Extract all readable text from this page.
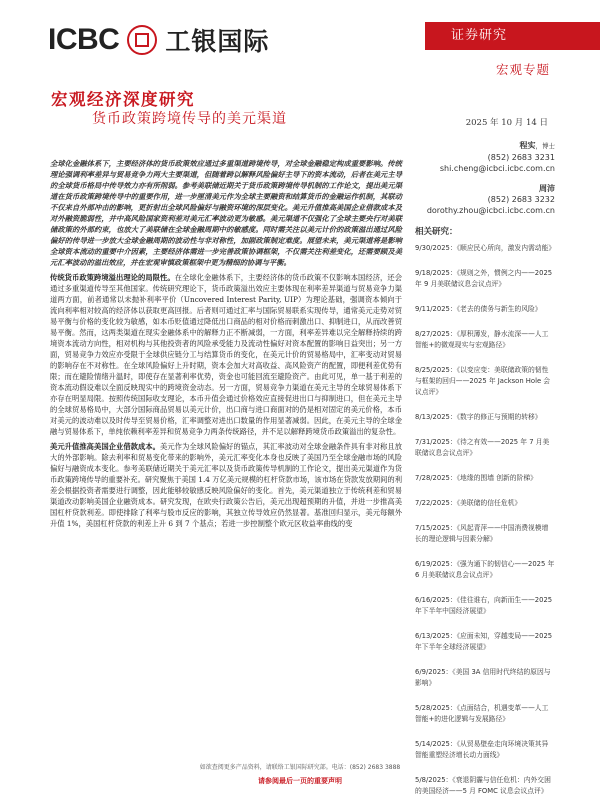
ICBC 工银国际	证券研究
宏观专题
宏观经济深度研究
货币政策跨境传导的美元渠道	2025 年 10 月 14 日
程实，博士
(852) 2683 3231
shi.cheng@icbci.icbc.com.cn
周沛
(852) 2683 3232
dorothy.zhou@icbci.icbc.com.cn
相关研究：
9/30/2025：《顺应民心所向，激发内需动能》
9/18/2025：《规则之外，惯例之内——2025 年 9 月美联储议息会议点评》
9/11/2025：《老去的债务与新生的风险》
8/27/2025：《厚积薄发，静水流深——人工智能+的微观现实与宏观路径》
8/25/2025：《以变应变：美联储政策的韧性与框架的回归——2025 年 Jackson Hole 会议点评》
8/13/2025：《数字的修正与预期的转移》
7/31/2025：《待之有效——2025 年 7 月美联储议息会议点评》
7/28/2025：《地缘的围墙 创新的阶梯》
7/22/2025：《美联储的信任危机》
7/15/2025：《风起青萍——中国消费视模增长的理论逻辑与因素分解》
6/19/2025：《强为通下的韧信心——2025 年 6 月美联储议息会议点评》
6/16/2025：《佳往谁右，向新而生——2025 年下半年中国经济展望》
6/13/2025：《应面未知，穿越变局——2025 年下半年全球经济展望》
6/9/2025：《美国 3A 信用时代终结的原因与影响》
5/28/2025：《点面结合，机遇变革——人工智能+的进化逻辑与发展路径》
5/14/2025：《从贸易壁垒走向环境决策其异智能重塑经济增长动力面线》
5/8/2025：《衰退阴霾与信任危机：内外交困的美国经济——5 月 FOMC 议息会议点评》

全球化金融体系下，主要经济体的货币政策效应通过多重渠道跨境传导，对全球金融稳定构成重要影响。传统理论强调利率差异与贸易竞争力两大主要渠道，但随着跨以解释风险偏好主导下的资本流动，后者在美元主导的全球货币格局中传导效力亦有所削弱。参考美联储近期关于货币政策跨境传导机制的工作论文，提出美元渠道在货币政策跨境传导中的重要作用，进一步厘清美元作为全球主要融资和结算货币的金融运作机制，其联动不仅来自外部冲击的影响，更折射出全球风险偏好与融资环境的深层变化。美元升值推高美国企业借款成本及对外融资脆弱性，并中高风险国家资利差对美元汇率波动更为敏感。美元渠道不仅强化了全球主要央行对美联储政策的外部约束，也放大了美联储在全球金融周期中的敏感度。同时需关注以美元计价的政策溢出通过风险偏好的传导进一步放大全球金融周期的波动性与非对称性，加剧政策制定难度。展望未来，美元渠道将是影响全球资本流动的重要中介因素，主要经济体需进一步完善政策协调框架，不仅需关注利差变化，还需要顾及美元汇率波动的溢出效应，并在宏观审慎政策框架中更为精细的协调与平衡。

传统货币政策跨境溢出理论的局限性。在全球化金融体系下，主要经济体的货币政策不仅影响本国经济，还会通过多重渠道传导至其他国家。传统研究理论下，货币政策溢出效应主要体现在利率差异渠道与贸易竞争力渠道两方面，前者通常以未抛补利率平价（Uncovered Interest Parity, UIP）为理论基础，强调资本倾向于流向利率相对较高的经济体以获取更高回报。后者则可通过汇率与国际贸易联系实现传导，通常美元走势对贸易平衡与价格的变化较为敏感，如本币贬值通过降低出口商品的相对价格而刺激出口、抑制进口，从而改善贸易平衡。然而，这两类渠道在现实金融体系中的解释力正不断减弱，一方面，利率差异难以完全解释持续的跨境资本流动方向性，相对机构与其他投资者的风险承受能力及流动性偏好对资本配置的影响日益突出；另一方面，贸易竞争力效应亦受限于全球供应链分工与结算货币的变化，在美元计价的贸易格局中，汇率变动对贸易的影响存在不对称性。在全球风险偏好上升时期，资本会加大对高收益、高风险资产的配置，即便利差优势有限；而在避险情绪升温时，即使存在显著利率优势，资金也可能回流至避险资产。由此可见，单一基于利差的资本流动假设难以全面反映现实中的跨境资金动态。另一方面，贸易竞争力渠道在美元主导的全球贸易体系下亦存在明显局限。按照传统国际收支理论，本币升值会通过价格效应直接促进出口与抑制进口，但在美元主导的全球贸易格局中，大部分国际商品贸易以美元计价，出口商与进口商面对的仍是相对固定的美元价格，本币对美元的波动难以及时传导至贸易价格，汇率调整对进出口数量的作用显著减弱。因此，在美元主导的全球金融与贸易体系下，单纯依赖利率差异和贸易竞争力两条传统路径，并不足以解释跨境货币政策溢出的复杂性。

美元升值推高美国企业借款成本。美元作为全球风险偏好的锚点，其汇率波动对全球金融条件具有非对称且放大的外部影响。除去利率和贸易变化带来的影响外，美元汇率变化本身也反映了美国乃至全球金融市场的风险偏好与融资成本变化。参考美联储近期关于美元汇率以及货币政策传导机制的工作论文，提出美元渠道作为货币政策跨境传导的重要补充。研究聚焦于美国 1.4 万亿美元规模的杠杆贷款市场，该市场在贷款发放期间的利差会根据投资者需要进行调整，因此能够较敏感反映风险偏好的变化。首先，美元渠道独立于传统利差和贸易渠道改动影响美国企业融资成本。研究发现，在欧央行政策公告后，美元出现超预期的升值，并进一步推高美国杠杆贷款利差。即使排除了利率与股市反应的影响，其独立传导效应仍然显著。基准回归显示，美元每额外升值 1%，美国杠杆贷款的利差上升 6 到 7 个基点；若进一步控制整个欧元区收益率曲线的变

如欲查阅更多产品资料，请联络工银国际研究部。电话：(852) 2683 3888
请参阅最后一页的重要声明
